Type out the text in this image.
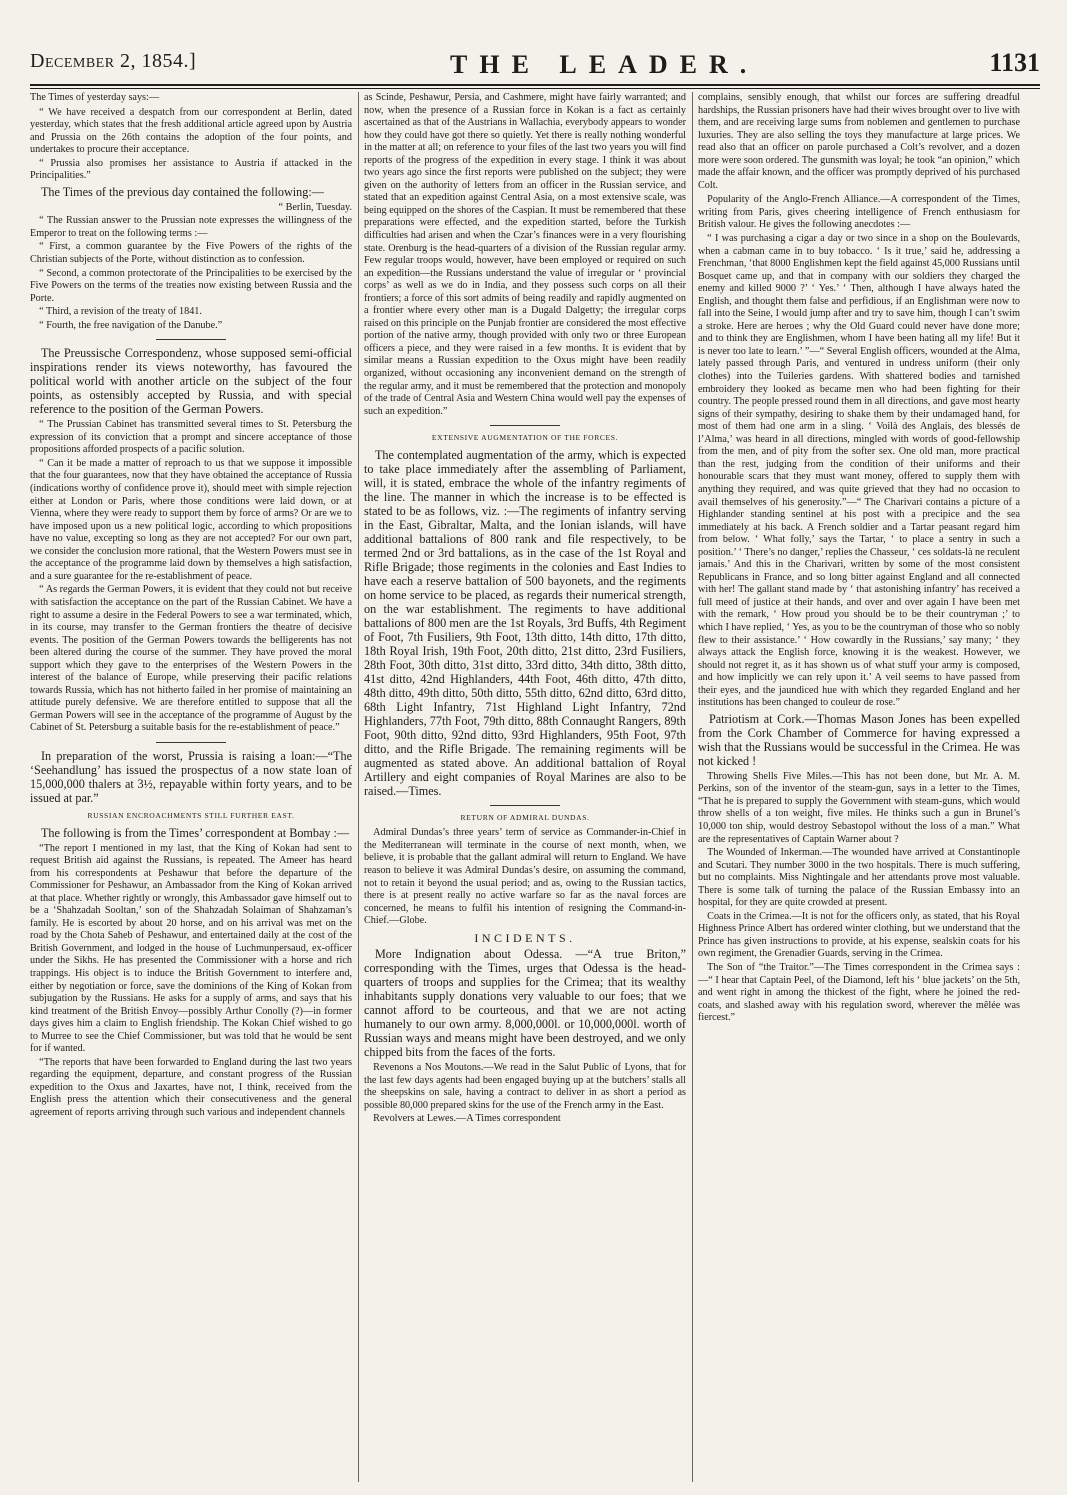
December 2, 1854.]	THE LEADER.	1131

The Times of yesterday says:—

“ We have received a despatch from our correspondent at Berlin, dated yesterday, which states that the fresh additional article agreed upon by Austria and Prussia on the 26th contains the adoption of the four points, and undertakes to procure their acceptance.

“ Prussia also promises her assistance to Austria if attacked in the Principalities.”

The Times of the previous day contained the following:—

“ Berlin, Tuesday.

“ The Russian answer to the Prussian note expresses the willingness of the Emperor to treat on the following terms :—

“ First, a common guarantee by the Five Powers of the rights of the Christian subjects of the Porte, without distinction as to confession.

“ Second, a common protectorate of the Principalities to be exercised by the Five Powers on the terms of the treaties now existing between Russia and the Porte.

“ Third, a revision of the treaty of 1841.

“ Fourth, the free navigation of the Danube.”

The Preussische Correspondenz, whose supposed semi-official inspirations render its views noteworthy, has favoured the political world with another article on the subject of the four points, as ostensibly accepted by Russia, and with special reference to the position of the German Powers.

“ The Prussian Cabinet has transmitted several times to St. Petersburg the expression of its conviction that a prompt and sincere acceptance of those propositions afforded prospects of a pacific solution.

“ Can it be made a matter of reproach to us that we suppose it impossible that the four guarantees, now that they have obtained the acceptance of Russia (indications worthy of confidence prove it), should meet with simple rejection either at London or Paris, where those conditions were laid down, or at Vienna, where they were ready to support them by force of arms? Or are we to have imposed upon us a new political logic, according to which propositions have no value, excepting so long as they are not accepted? For our own part, we consider the conclusion more rational, that the Western Powers must see in the acceptance of the programme laid down by themselves a high satisfaction, and a sure guarantee for the re-establishment of peace.

“ As regards the German Powers, it is evident that they could not but receive with satisfaction the acceptance on the part of the Russian Cabinet. We have a right to assume a desire in the Federal Powers to see a war terminated, which, in its course, may transfer to the German frontiers the theatre of decisive events. The position of the German Powers towards the belligerents has not been altered during the course of the summer. They have proved the moral support which they gave to the enterprises of the Western Powers in the interest of the balance of Europe, while preserving their pacific relations towards Russia, which has not hitherto failed in her promise of maintaining an attitude purely defensive. We are therefore entitled to suppose that all the German Powers will see in the acceptance of the programme of August by the Cabinet of St. Petersburg a suitable basis for the re-establishment of peace.”

In preparation of the worst, Prussia is raising a loan:—“The ‘Seehandlung’ has issued the prospectus of a now state loan of 15,000,000 thalers at 3½, repayable within forty years, and to be issued at par.”

RUSSIAN ENCROACHMENTS STILL FURTHER EAST.

The following is from the Times’ correspondent at Bombay :—

“The report I mentioned in my last, that the King of Kokan had sent to request British aid against the Russians, is repeated. The Ameer has heard from his correspondents at Peshawur that before the departure of the Commissioner for Peshawur, an Ambassador from the King of Kokan arrived at that place. Whether rightly or wrongly, this Ambassador gave himself out to be a ‘Shahzadah Sooltan,’ son of the Shahzadah Solaiman of Shahzaman’s family. He is escorted by about 20 horse, and on his arrival was met on the road by the Chota Saheb of Peshawur, and entertained daily at the cost of the British Government, and lodged in the house of Luchmunpersaud, ex-officer under the Sikhs. He has presented the Commissioner with a horse and rich trappings. His object is to induce the British Government to interfere and, either by negotiation or force, save the dominions of the King of Kokan from subjugation by the Russians. He asks for a supply of arms, and says that his kind treatment of the British Envoy—possibly Arthur Conolly (?)—in former days gives him a claim to English friendship. The Kokan Chief wished to go to Murree to see the Chief Commissioner, but was told that he would be sent for if wanted.

“The reports that have been forwarded to England during the last two years regarding the equipment, departure, and constant progress of the Russian expedition to the Oxus and Jaxartes, have not, I think, received from the English press the attention which their consecutiveness and the general agreement of reports arriving through such various and independent channels

as Scinde, Peshawur, Persia, and Cashmere, might have fairly warranted; and now, when the presence of a Russian force in Kokan is a fact as certainly ascertained as that of the Austrians in Wallachia, everybody appears to wonder how they could have got there so quietly. Yet there is really nothing wonderful in the matter at all; on reference to your files of the last two years you will find reports of the progress of the expedition in every stage. I think it was about two years ago since the first reports were published on the subject; they were given on the authority of letters from an officer in the Russian service, and stated that an expedition against Central Asia, on a most extensive scale, was being equipped on the shores of the Caspian. It must be remembered that these preparations were effected, and the expedition started, before the Turkish difficulties had arisen and when the Czar’s finances were in a very flourishing state. Orenburg is the head-quarters of a division of the Russian regular army. Few regular troops would, however, have been employed or required on such an expedition—the Russians understand the value of irregular or ‘ provincial corps’ as well as we do in India, and they possess such corps on all their frontiers; a force of this sort admits of being readily and rapidly augmented on a frontier where every other man is a Dugald Dalgetty; the irregular corps raised on this principle on the Punjab frontier are considered the most effective portion of the native army, though provided with only two or three European officers a piece, and they were raised in a few months. It is evident that by similar means a Russian expedition to the Oxus might have been readily organized, without occasioning any inconvenient demand on the strength of the regular army, and it must be remembered that the protection and monopoly of the trade of Central Asia and Western China would well pay the expenses of such an expedition.”

EXTENSIVE AUGMENTATION OF THE FORCES.

The contemplated augmentation of the army, which is expected to take place immediately after the assembling of Parliament, will, it is stated, embrace the whole of the infantry regiments of the line. The manner in which the increase is to be effected is stated to be as follows, viz. :—The regiments of infantry serving in the East, Gibraltar, Malta, and the Ionian islands, will have additional battalions of 800 rank and file respectively, to be termed 2nd or 3rd battalions, as in the case of the 1st Royal and Rifle Brigade; those regiments in the colonies and East Indies to have each a reserve battalion of 500 bayonets, and the regiments on home service to be placed, as regards their numerical strength, on the war establishment. The regiments to have additional battalions of 800 men are the 1st Royals, 3rd Buffs, 4th Regiment of Foot, 7th Fusiliers, 9th Foot, 13th ditto, 14th ditto, 17th ditto, 18th Royal Irish, 19th Foot, 20th ditto, 21st ditto, 23rd Fusiliers, 28th Foot, 30th ditto, 31st ditto, 33rd ditto, 34th ditto, 38th ditto, 41st ditto, 42nd Highlanders, 44th Foot, 46th ditto, 47th ditto, 48th ditto, 49th ditto, 50th ditto, 55th ditto, 62nd ditto, 63rd ditto, 68th Light Infantry, 71st Highland Light Infantry, 72nd Highlanders, 77th Foot, 79th ditto, 88th Connaught Rangers, 89th Foot, 90th ditto, 92nd ditto, 93rd Highlanders, 95th Foot, 97th ditto, and the Rifle Brigade. The remaining regiments will be augmented as stated above. An additional battalion of Royal Artillery and eight companies of Royal Marines are also to be raised.—Times.

RETURN OF ADMIRAL DUNDAS.

Admiral Dundas’s three years’ term of service as Commander-in-Chief in the Mediterranean will terminate in the course of next month, when, we believe, it is probable that the gallant admiral will return to England. We have reason to believe it was Admiral Dundas’s desire, on assuming the command, not to retain it beyond the usual period; and as, owing to the Russian tactics, there is at present really no active warfare so far as the naval forces are concerned, he means to fulfil his intention of resigning the Command-in-Chief.—Globe.

INCIDENTS.

More Indignation about Odessa. —“A true Briton,” corresponding with the Times, urges that Odessa is the head-quarters of troops and supplies for the Crimea; that its wealthy inhabitants supply donations very valuable to our foes; that we cannot afford to be courteous, and that we are not acting humanely to our own army. 8,000,000l. or 10,000,000l. worth of Russian ways and means might have been destroyed, and we only chipped bits from the faces of the forts.

Revenons a Nos Moutons.—We read in the Salut Public of Lyons, that for the last few days agents had been engaged buying up at the butchers’ stalls all the sheepskins on sale, having a contract to deliver in as short a period as possible 80,000 prepared skins for the use of the French army in the East.

Revolvers at Lewes.—A Times correspondent

complains, sensibly enough, that whilst our forces are suffering dreadful hardships, the Russian prisoners have had their wives brought over to live with them, and are receiving large sums from noblemen and gentlemen to purchase luxuries. They are also selling the toys they manufacture at large prices. We read also that an officer on parole purchased a Colt’s revolver, and a dozen more were soon ordered. The gunsmith was loyal; he took “an opinion,” which made the affair known, and the officer was promptly deprived of his purchased Colt.

Popularity of the Anglo-French Alliance.—A correspondent of the Times, writing from Paris, gives cheering intelligence of French enthusiasm for British valour. He gives the following anecdotes :—

“ I was purchasing a cigar a day or two since in a shop on the Boulevards, when a cabman came in to buy tobacco. ‘ Is it true,’ said he, addressing a Frenchman, ‘that 8000 Englishmen kept the field against 45,000 Russians until Bosquet came up, and that in company with our soldiers they charged the enemy and killed 9000 ?’ ‘ Yes.’ ‘ Then, although I have always hated the English, and thought them false and perfidious, if an Englishman were now to fall into the Seine, I would jump after and try to save him, though I can’t swim a stroke. Here are heroes ; why the Old Guard could never have done more; and to think they are Englishmen, whom I have been hating all my life! But it is never too late to learn.’ ”—“ Several English officers, wounded at the Alma, lately passed through Paris, and ventured in undress uniform (their only clothes) into the Tuileries gardens. With shattered bodies and tarnished embroidery they looked as became men who had been fighting for their country. The people pressed round them in all directions, and gave most hearty signs of their sympathy, desiring to shake them by their undamaged hand, for most of them had one arm in a sling. ‘ Voilà des Anglais, des blessés de l’Alma,’ was heard in all directions, mingled with words of good-fellowship from the men, and of pity from the softer sex. One old man, more practical than the rest, judging from the condition of their uniforms and their honourable scars that they must want money, offered to supply them with anything they required, and was quite grieved that they had no occasion to avail themselves of his generosity.”—“ The Charivari contains a picture of a Highlander standing sentinel at his post with a precipice and the sea immediately at his back. A French soldier and a Tartar peasant regard him from below. ‘ What folly,’ says the Tartar, ‘ to place a sentry in such a position.’ ‘ There’s no danger,’ replies the Chasseur, ‘ ces soldats-là ne reculent jamais.’ And this in the Charivari, written by some of the most consistent Republicans in France, and so long bitter against England and all connected with her! The gallant stand made by ‘ that astonishing infantry’ has received a full meed of justice at their hands, and over and over again I have been met with the remark, ‘ How proud you should be to be their countryman ;’ to which I have replied, ‘ Yes, as you to be the countryman of those who so nobly flew to their assistance.’ ‘ How cowardly in the Russians,’ say many; ‘ they always attack the English force, knowing it is the weakest. However, we should not regret it, as it has shown us of what stuff your army is composed, and how implicitly we can rely upon it.’ A veil seems to have passed from their eyes, and the jaundiced hue with which they regarded England and her institutions has been changed to couleur de rose.”

Patriotism at Cork.—Thomas Mason Jones has been expelled from the Cork Chamber of Commerce for having expressed a wish that the Russians would be successful in the Crimea. He was not kicked !

Throwing Shells Five Miles.—This has not been done, but Mr. A. M. Perkins, son of the inventor of the steam-gun, says in a letter to the Times, “That he is prepared to supply the Government with steam-guns, which would throw shells of a ton weight, five miles. He thinks such a gun in Brunel’s 10,000 ton ship, would destroy Sebastopol without the loss of a man.” What are the representatives of Captain Warner about ?

The Wounded of Inkerman.—The wounded have arrived at Constantinople and Scutari. They number 3000 in the two hospitals. There is much suffering, but no complaints. Miss Nightingale and her attendants prove most valuable. There is some talk of turning the palace of the Russian Embassy into an hospital, for they are quite crowded at present.

Coats in the Crimea.—It is not for the officers only, as stated, that his Royal Highness Prince Albert has ordered winter clothing, but we understand that the Prince has given instructions to provide, at his expense, sealskin coats for his own regiment, the Grenadier Guards, serving in the Crimea.

The Son of “the Traitor.”—The Times correspondent in the Crimea says :—“ I hear that Captain Peel, of the Diamond, left his ‘ blue jackets’ on the 5th, and went right in among the thickest of the fight, where he joined the red-coats, and slashed away with his regulation sword, wherever the mêlée was fiercest.”
